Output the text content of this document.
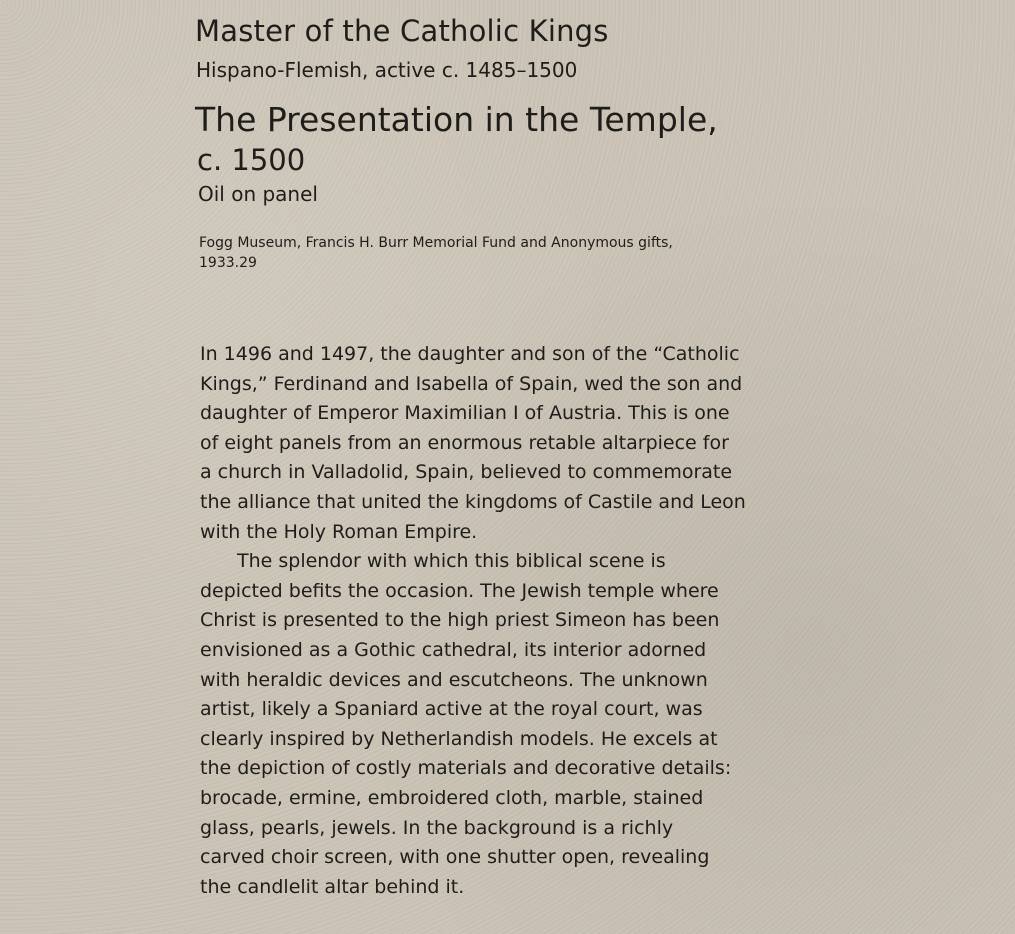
Master of the Catholic Kings

Hispano-Flemish, active c. 1485–1500

The Presentation in the Temple,

c. 1500

Oil on panel

Fogg Museum, Francis H. Burr Memorial Fund and Anonymous gifts,
1933.29

In 1496 and 1497, the daughter and son of the “Catholic
Kings,” Ferdinand and Isabella of Spain, wed the son and
daughter of Emperor Maximilian I of Austria. This is one
of eight panels from an enormous retable altarpiece for
a church in Valladolid, Spain, believed to commemorate
the alliance that united the kingdoms of Castile and Leon
with the Holy Roman Empire.

The splendor with which this biblical scene is
depicted befits the occasion. The Jewish temple where
Christ is presented to the high priest Simeon has been
envisioned as a Gothic cathedral, its interior adorned
with heraldic devices and escutcheons. The unknown
artist, likely a Spaniard active at the royal court, was
clearly inspired by Netherlandish models. He excels at
the depiction of costly materials and decorative details:
brocade, ermine, embroidered cloth, marble, stained
glass, pearls, jewels. In the background is a richly
carved choir screen, with one shutter open, revealing
the candlelit altar behind it.
